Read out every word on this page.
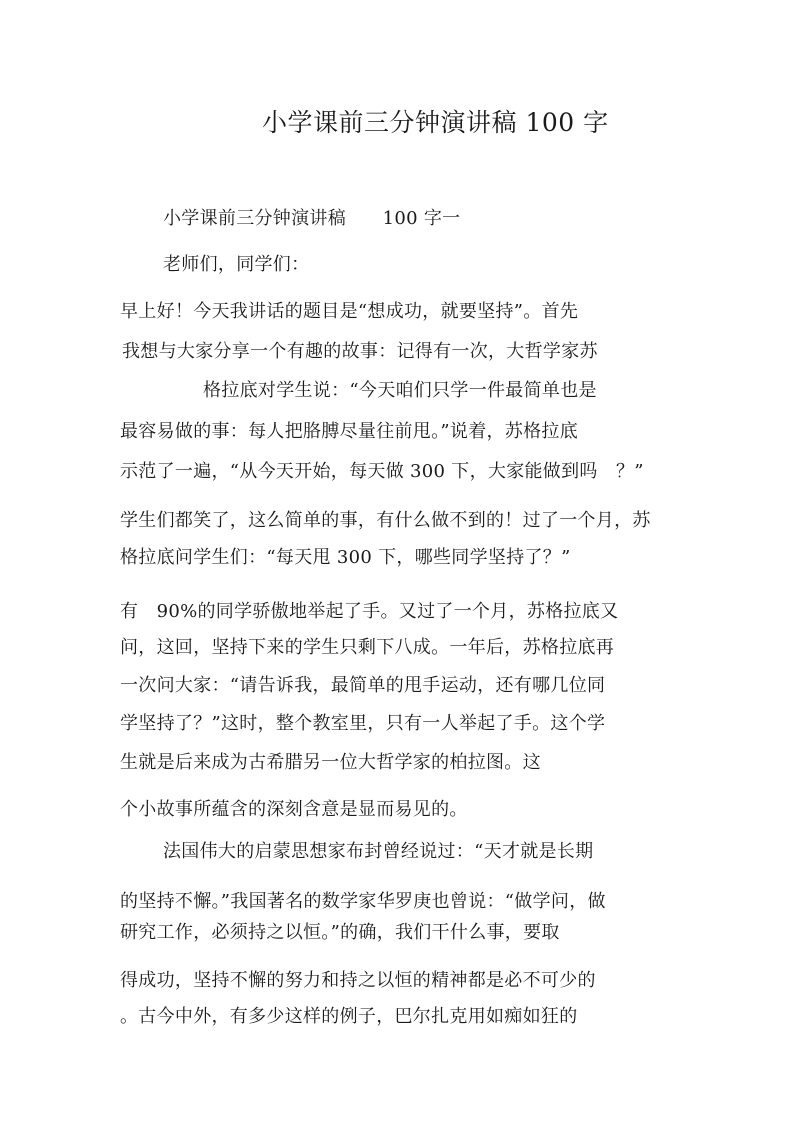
小学课前三分钟演讲稿 100 字
小学课前三分钟演讲稿　　100 字一
老师们，同学们：
早上好！今天我讲话的题目是“想成功，就要坚持”。首先
我想与大家分享一个有趣的故事：记得有一次，大哲学家苏
格拉底对学生说：“今天咱们只学一件最简单也是
最容易做的事：每人把胳膊尽量往前甩。”说着，苏格拉底
示范了一遍，“从今天开始，每天做 300 下，大家能做到吗　？”
学生们都笑了，这么简单的事，有什么做不到的！过了一个月，苏
格拉底问学生们：“每天甩 300 下，哪些同学坚持了？”
有　90%的同学骄傲地举起了手。又过了一个月，苏格拉底又
问，这回，坚持下来的学生只剩下八成。一年后，苏格拉底再
一次问大家：“请告诉我，最简单的甩手运动，还有哪几位同
学坚持了？”这时，整个教室里，只有一人举起了手。这个学
生就是后来成为古希腊另一位大哲学家的柏拉图。这
个小故事所蕴含的深刻含意是显而易见的。
法国伟大的启蒙思想家布封曾经说过：“天才就是长期
的坚持不懈。”我国著名的数学家华罗庚也曾说：“做学问，做
研究工作，必须持之以恒。”的确，我们干什么事，要取
得成功，坚持不懈的努力和持之以恒的精神都是必不可少的
。古今中外，有多少这样的例子，巴尔扎克用如痴如狂的
